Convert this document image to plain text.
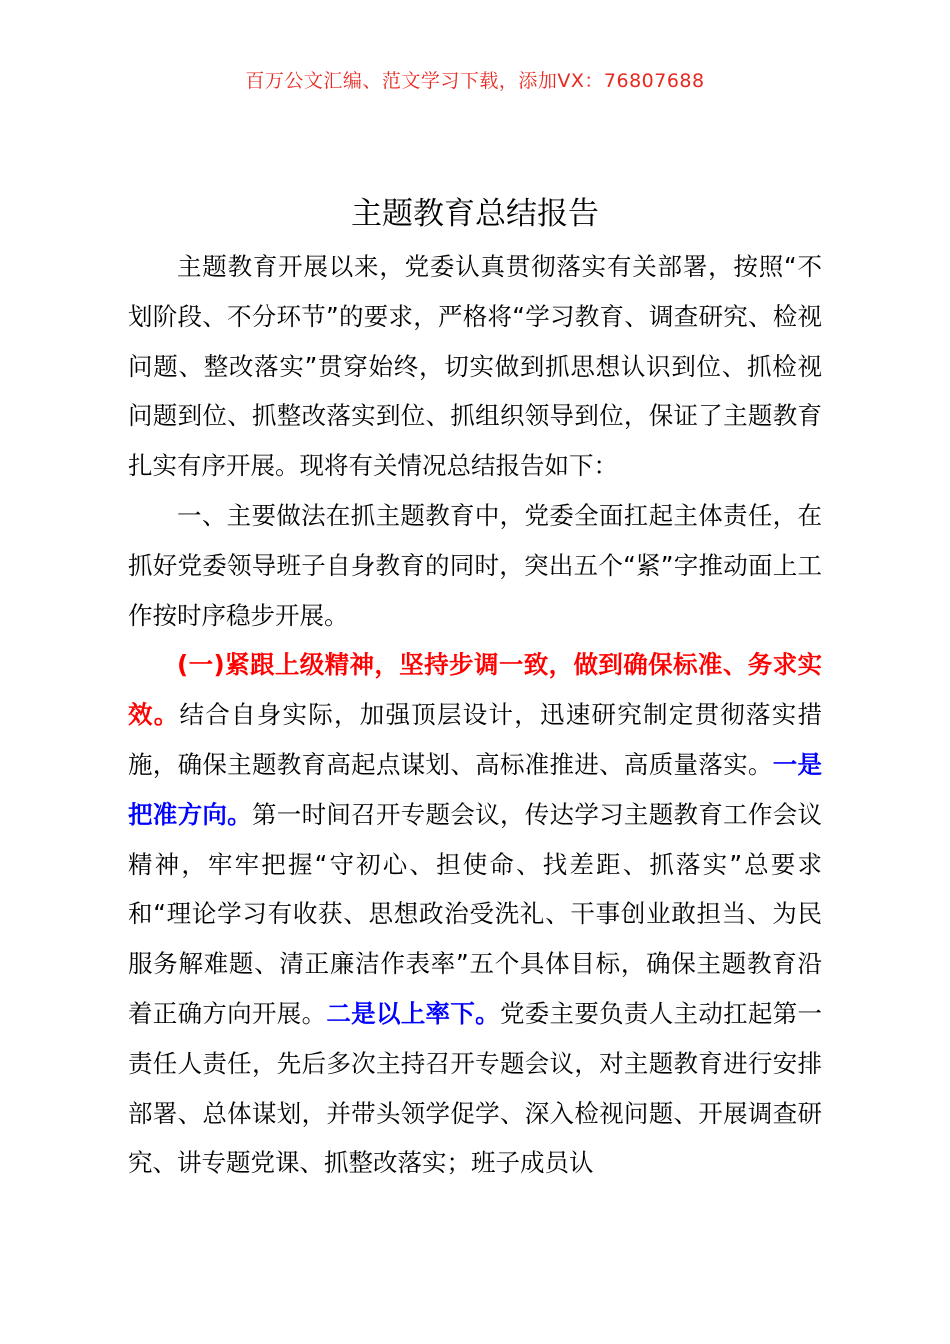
百万公文汇编、范文学习下载，添加VX：76807688
主题教育总结报告

主题教育开展以来，党委认真贯彻落实有关部署，按照“不划阶段、不分环节”的要求，严格将“学习教育、调查研究、检视问题、整改落实”贯穿始终，切实做到抓思想认识到位、抓检视问题到位、抓整改落实到位、抓组织领导到位，保证了主题教育扎实有序开展。现将有关情况总结报告如下：

一、主要做法在抓主题教育中，党委全面扛起主体责任，在抓好党委领导班子自身教育的同时，突出五个“紧”字推动面上工作按时序稳步开展。

(一)紧跟上级精神，坚持步调一致，做到确保标准、务求实效。结合自身实际，加强顶层设计，迅速研究制定贯彻落实措施，确保主题教育高起点谋划、高标准推进、高质量落实。一是把准方向。第一时间召开专题会议，传达学习主题教育工作会议精神，牢牢把握“守初心、担使命、找差距、抓落实”总要求和“理论学习有收获、思想政治受洗礼、干事创业敢担当、为民服务解难题、清正廉洁作表率”五个具体目标，确保主题教育沿着正确方向开展。二是以上率下。党委主要负责人主动扛起第一责任人责任，先后多次主持召开专题会议，对主题教育进行安排部署、总体谋划，并带头领学促学、深入检视问题、开展调查研究、讲专题党课、抓整改落实；班子成员认
